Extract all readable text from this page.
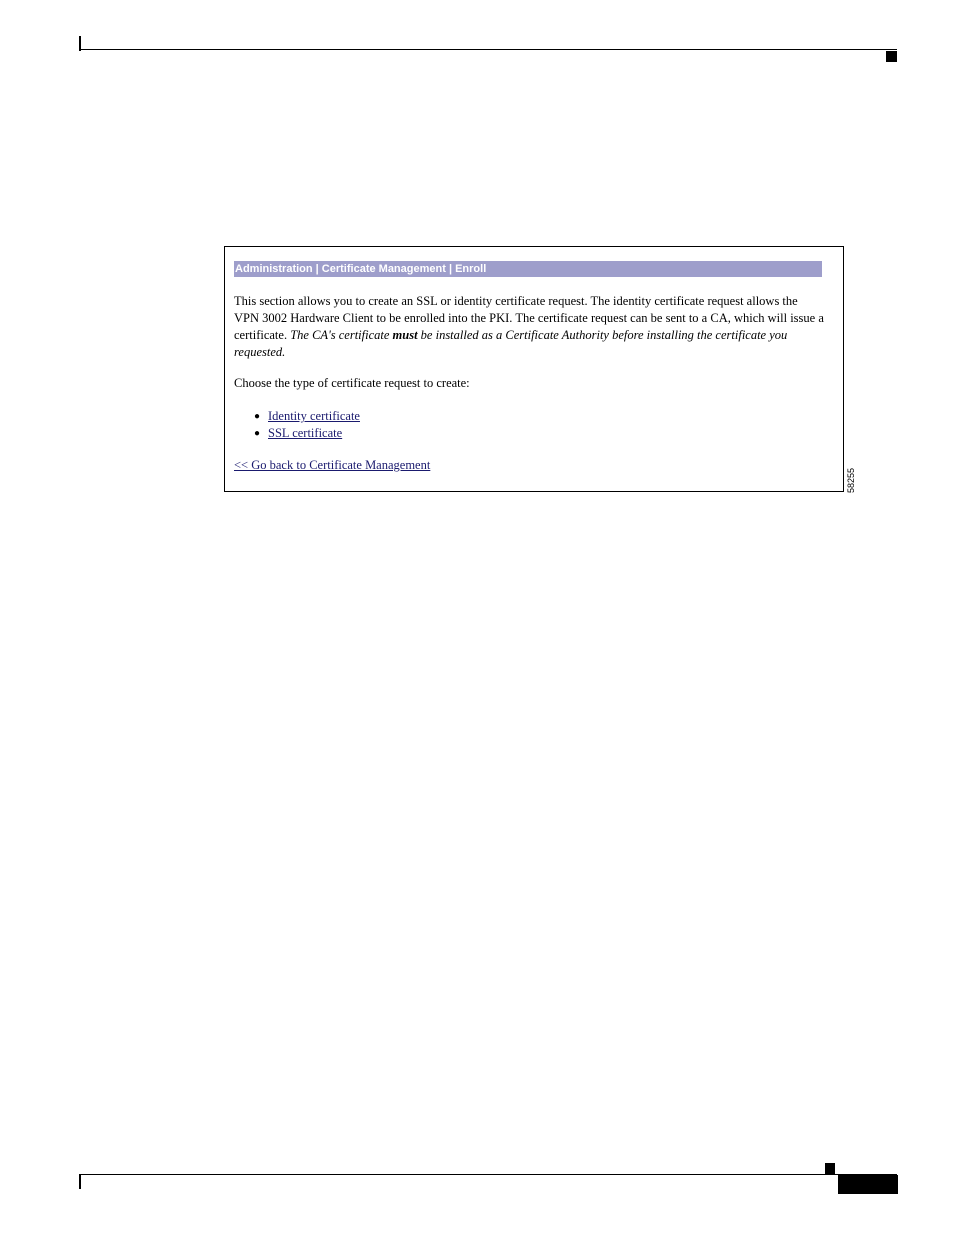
Administration | Certificate Management | Enroll
This section allows you to create an SSL or identity certificate request. The identity certificate request allows the VPN 3002 Hardware Client to be enrolled into the PKI. The certificate request can be sent to a CA, which will issue a certificate. The CA's certificate must be installed as a Certificate Authority before installing the certificate you requested.
Choose the type of certificate request to create:
● Identity certificate
● SSL certificate
<< Go back to Certificate Management
58255
